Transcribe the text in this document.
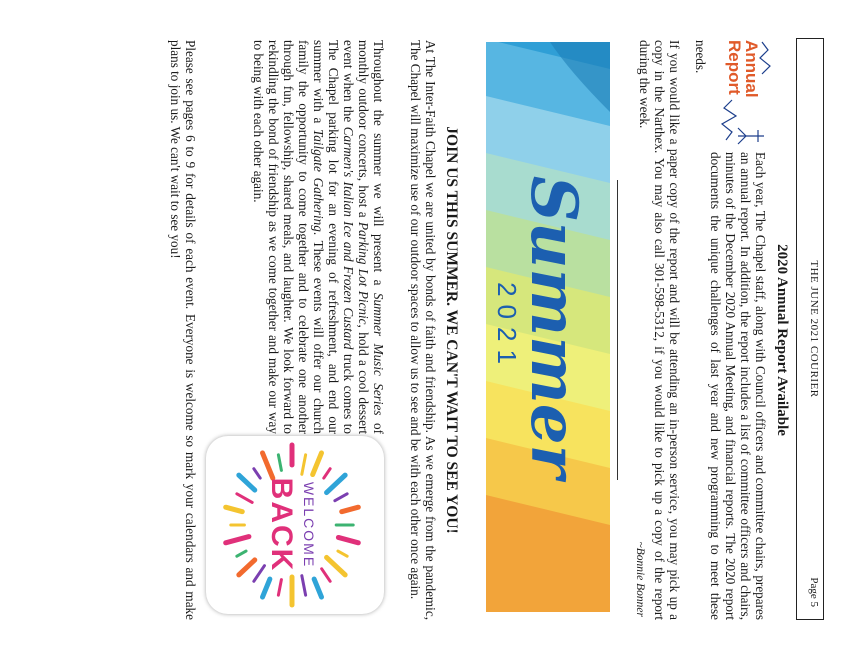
THE JUNE 2021 COURIER
Page 5
2020 Annual Report Available
Annual
Report

Each year, The Chapel staff, along with Council officers and committee chairs, prepares an annual report. In addition, the report includes a list of committee officers and chairs, minutes of the December 2020 Annual Meeting, and financial reports. The 2020 report documents the unique challenges of last year and new programming to meet these needs.

If you would like a paper copy of the report and will be attending an in-person service, you may pick up a copy in the Narthex. You may also call 301-598-5312, if you would like to pick up a copy of the report during the week.

~Bonnie Bonner
Summer
2021
JOIN US THIS SUMMER. WE CAN'T WAIT TO SEE YOU!

At The Inter-Faith Chapel we are united by bonds of faith and friendship. As we emerge from the pandemic, The Chapel will maximize use of our outdoor spaces to allow us to see and be with each other once again.

Throughout the summer we will present a Summer Music Series of monthly outdoor concerts, host a Parking Lot Picnic, hold a cool dessert event when the Carmen's Italian Ice and Frozen Custard truck comes to The Chapel parking lot for an evening of refreshment, and end our summer with a Tailgate Gathering. These events will offer our church family the opportunity to come together and to celebrate one another through fun, fellowship, shared meals, and laughter. We look forward to rekindling the bond of friendship as we come together and make our way to being with each other again.

WELCOME
BACK

Please see pages 6 to 9 for details of each event. Everyone is welcome so mark your calendars and make plans to join us. We can't wait to see you!
